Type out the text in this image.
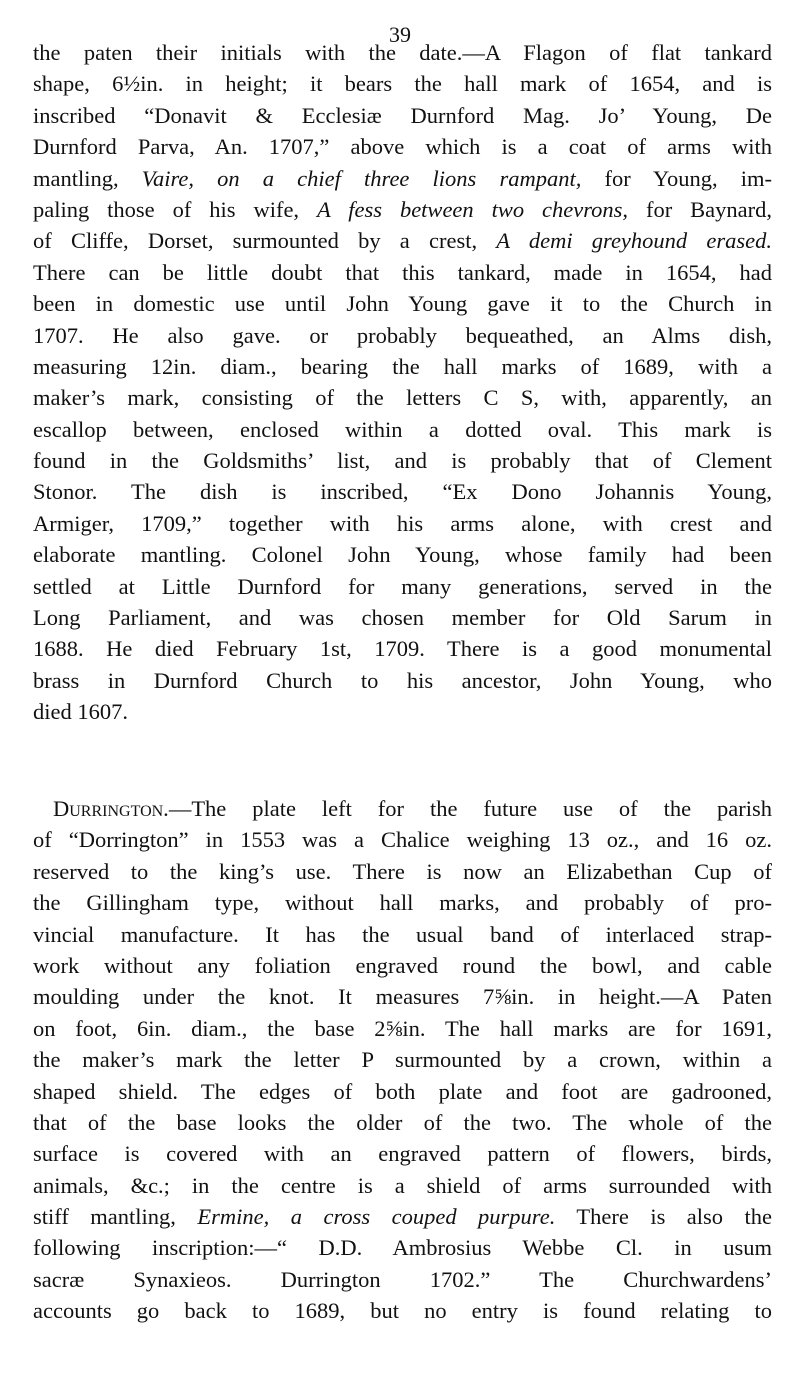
39
the paten their initials with the date.—A Flagon of flat tankard
shape, 6½in. in height; it bears the hall mark of 1654, and is
inscribed “Donavit & Ecclesiæ Durnford Mag. Jo’ Young, De
Durnford Parva, An. 1707,” above which is a coat of arms with
mantling, Vaire, on a chief three lions rampant, for Young, im-
paling those of his wife, A fess between two chevrons, for Baynard,
of Cliffe, Dorset, surmounted by a crest, A demi greyhound erased.
There can be little doubt that this tankard, made in 1654, had
been in domestic use until John Young gave it to the Church in
1707. He also gave. or probably bequeathed, an Alms dish,
measuring 12in. diam., bearing the hall marks of 1689, with a
maker’s mark, consisting of the letters C S, with, apparently, an
escallop between, enclosed within a dotted oval. This mark is
found in the Goldsmiths’ list, and is probably that of Clement
Stonor. The dish is inscribed, “Ex Dono Johannis Young,
Armiger, 1709,” together with his arms alone, with crest and
elaborate mantling. Colonel John Young, whose family had been
settled at Little Durnford for many generations, served in the
Long Parliament, and was chosen member for Old Sarum in
1688. He died February 1st, 1709. There is a good monumental
brass in Durnford Church to his ancestor, John Young, who
died 1607.
Durrington.—The plate left for the future use of the parish
of “Dorrington” in 1553 was a Chalice weighing 13 oz., and 16 oz.
reserved to the king’s use. There is now an Elizabethan Cup of
the Gillingham type, without hall marks, and probably of pro-
vincial manufacture. It has the usual band of interlaced strap-
work without any foliation engraved round the bowl, and cable
moulding under the knot. It measures 7⅝in. in height.—A Paten
on foot, 6in. diam., the base 2⅝in. The hall marks are for 1691,
the maker’s mark the letter P surmounted by a crown, within a
shaped shield. The edges of both plate and foot are gadrooned,
that of the base looks the older of the two. The whole of the
surface is covered with an engraved pattern of flowers, birds,
animals, &c.; in the centre is a shield of arms surrounded with
stiff mantling, Ermine, a cross couped purpure. There is also the
following inscription:—“ D.D. Ambrosius Webbe Cl. in usum
sacræ Synaxieos. Durrington 1702.” The Churchwardens’
accounts go back to 1689, but no entry is found relating to
